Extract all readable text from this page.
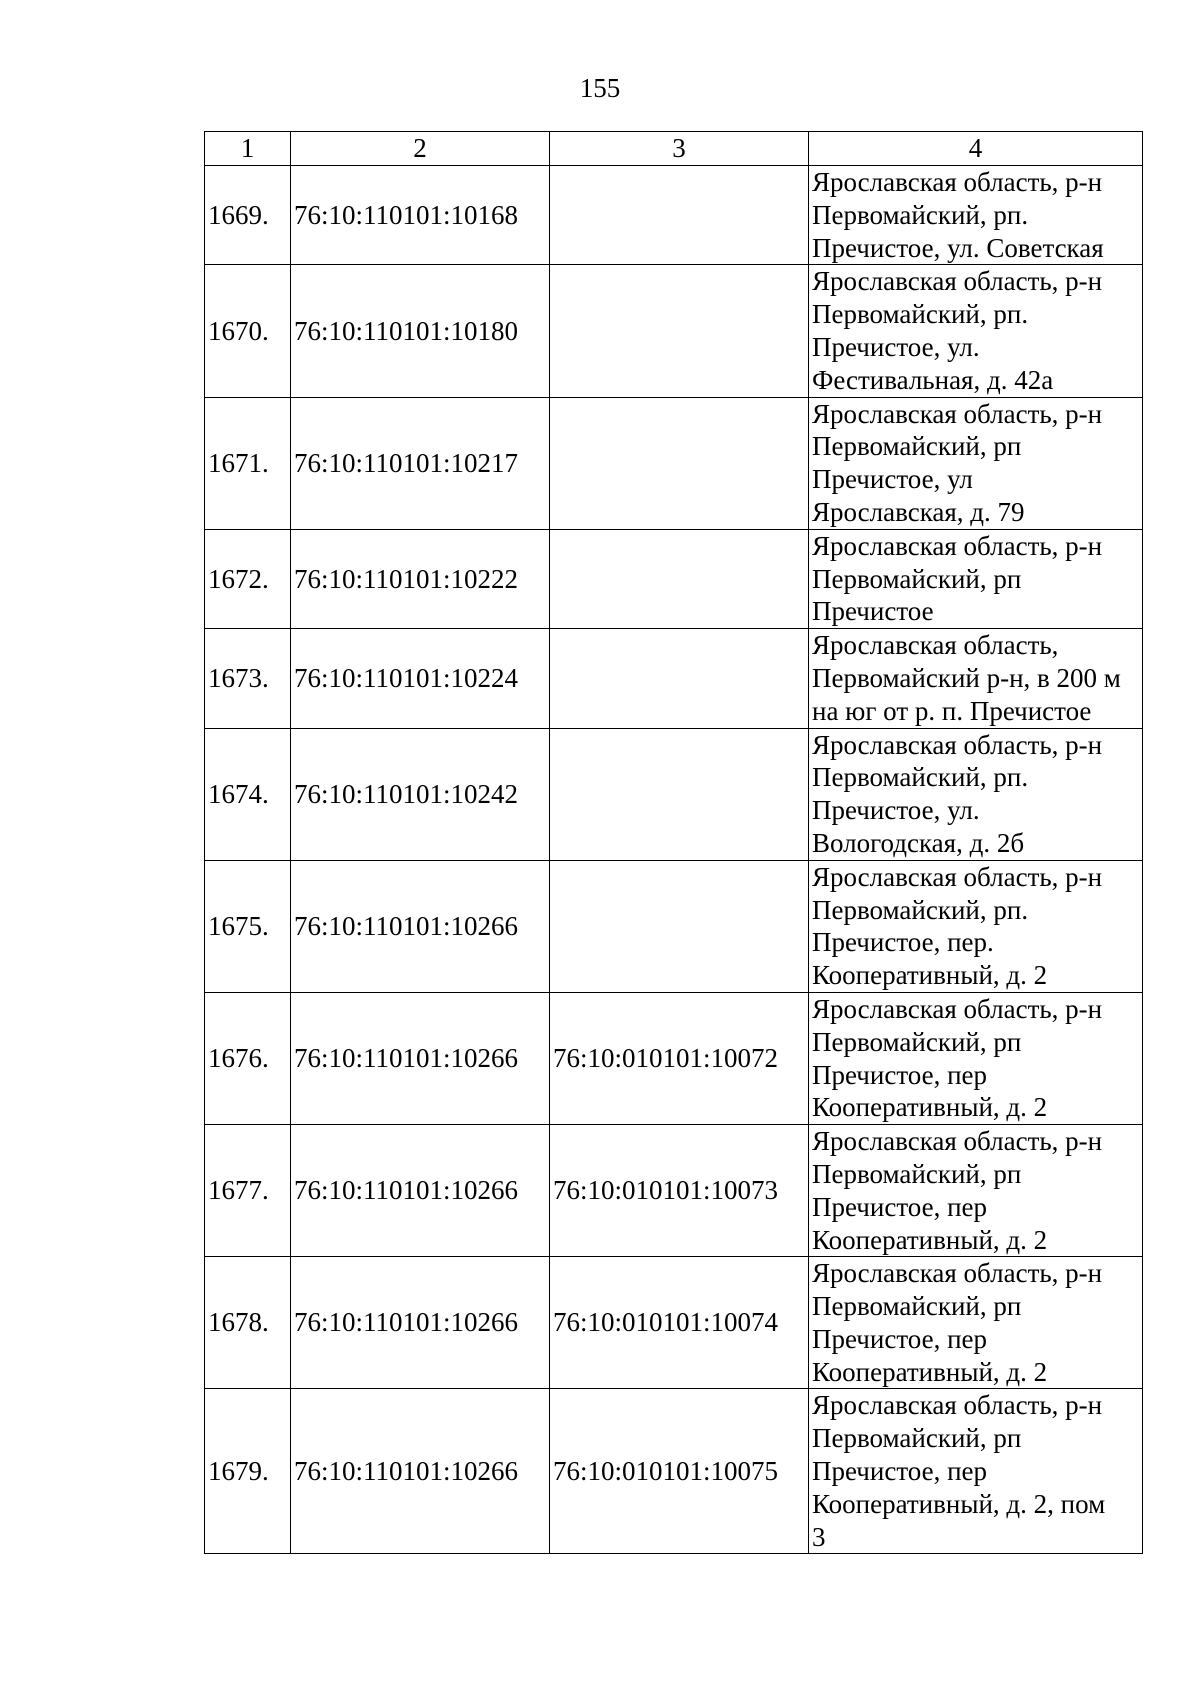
155
1	2	3	4
1669.	76:10:110101:10168		Ярославская область, р-н
Первомайский, рп.
Пречистое, ул. Советская

1670.	76:10:110101:10180		Ярославская область, р-н
Первомайский, рп.
Пречистое, ул.
Фестивальная, д. 42а

1671.	76:10:110101:10217		Ярославская область, р-н
Первомайский, рп
Пречистое, ул
Ярославская, д. 79

1672.	76:10:110101:10222		Ярославская область, р-н
Первомайский, рп
Пречистое

1673.	76:10:110101:10224		Ярославская область,
Первомайский р-н, в 200 м
на юг от р. п. Пречистое

1674.	76:10:110101:10242		Ярославская область, р-н
Первомайский, рп.
Пречистое, ул.
Вологодская, д. 2б

1675.	76:10:110101:10266		Ярославская область, р-н
Первомайский, рп.
Пречистое, пер.
Кооперативный, д. 2

1676.	76:10:110101:10266	76:10:010101:10072	Ярославская область, р-н
Первомайский, рп
Пречистое, пер
Кооперативный, д. 2

1677.	76:10:110101:10266	76:10:010101:10073	Ярославская область, р-н
Первомайский, рп
Пречистое, пер
Кооперативный, д. 2

1678.	76:10:110101:10266	76:10:010101:10074	Ярославская область, р-н
Первомайский, рп
Пречистое, пер
Кооперативный, д. 2

1679.	76:10:110101:10266	76:10:010101:10075	Ярославская область, р-н
Первомайский, рп
Пречистое, пер
Кооперативный, д. 2, пом
3
